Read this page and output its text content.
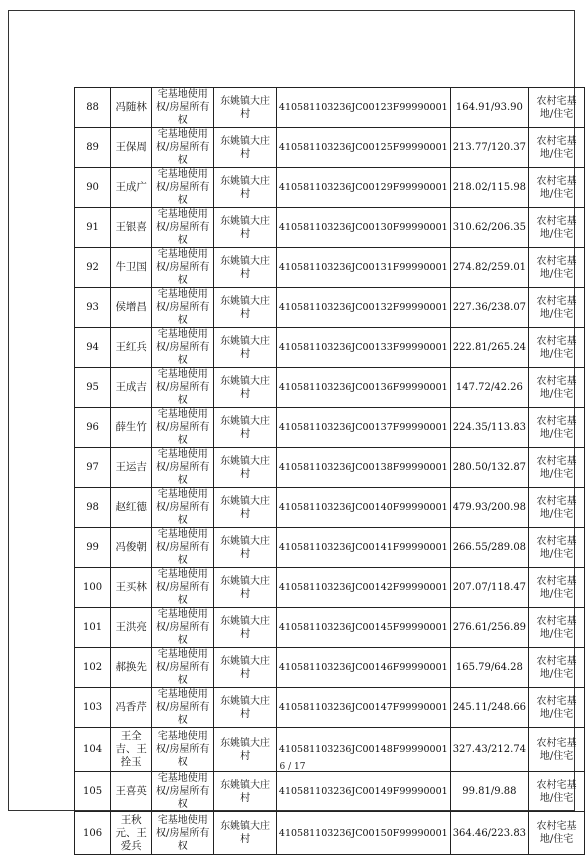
88	冯随林	宅基地使用权/房屋所有权	东姚镇大庄村	410581103236JC00123F99990001	164.91/93.90	农村宅基地/住宅
89	王保周	宅基地使用权/房屋所有权	东姚镇大庄村	410581103236JC00125F99990001	213.77/120.37	农村宅基地/住宅
90	王成广	宅基地使用权/房屋所有权	东姚镇大庄村	410581103236JC00129F99990001	218.02/115.98	农村宅基地/住宅
91	王银喜	宅基地使用权/房屋所有权	东姚镇大庄村	410581103236JC00130F99990001	310.62/206.35	农村宅基地/住宅
92	牛卫国	宅基地使用权/房屋所有权	东姚镇大庄村	410581103236JC00131F99990001	274.82/259.01	农村宅基地/住宅
93	侯增昌	宅基地使用权/房屋所有权	东姚镇大庄村	410581103236JC00132F99990001	227.36/238.07	农村宅基地/住宅
94	王红兵	宅基地使用权/房屋所有权	东姚镇大庄村	410581103236JC00133F99990001	222.81/265.24	农村宅基地/住宅
95	王成吉	宅基地使用权/房屋所有权	东姚镇大庄村	410581103236JC00136F99990001	147.72/42.26	农村宅基地/住宅
96	薛生竹	宅基地使用权/房屋所有权	东姚镇大庄村	410581103236JC00137F99990001	224.35/113.83	农村宅基地/住宅
97	王运吉	宅基地使用权/房屋所有权	东姚镇大庄村	410581103236JC00138F99990001	280.50/132.87	农村宅基地/住宅
98	赵红德	宅基地使用权/房屋所有权	东姚镇大庄村	410581103236JC00140F99990001	479.93/200.98	农村宅基地/住宅
99	冯俊朝	宅基地使用权/房屋所有权	东姚镇大庄村	410581103236JC00141F99990001	266.55/289.08	农村宅基地/住宅
100	王买林	宅基地使用权/房屋所有权	东姚镇大庄村	410581103236JC00142F99990001	207.07/118.47	农村宅基地/住宅
101	王洪亮	宅基地使用权/房屋所有权	东姚镇大庄村	410581103236JC00145F99990001	276.61/256.89	农村宅基地/住宅
102	郝换先	宅基地使用权/房屋所有权	东姚镇大庄村	410581103236JC00146F99990001	165.79/64.28	农村宅基地/住宅
103	冯香芹	宅基地使用权/房屋所有权	东姚镇大庄村	410581103236JC00147F99990001	245.11/248.66	农村宅基地/住宅
104	王全吉、王拴玉	宅基地使用权/房屋所有权	东姚镇大庄村	410581103236JC00148F99990001	327.43/212.74	农村宅基地/住宅
105	王喜英	宅基地使用权/房屋所有权	东姚镇大庄村	410581103236JC00149F99990001	99.81/9.88	农村宅基地/住宅
106	王秋元、王爱兵	宅基地使用权/房屋所有权	东姚镇大庄村	410581103236JC00150F99990001	364.46/223.83	农村宅基地/住宅
6 / 17
